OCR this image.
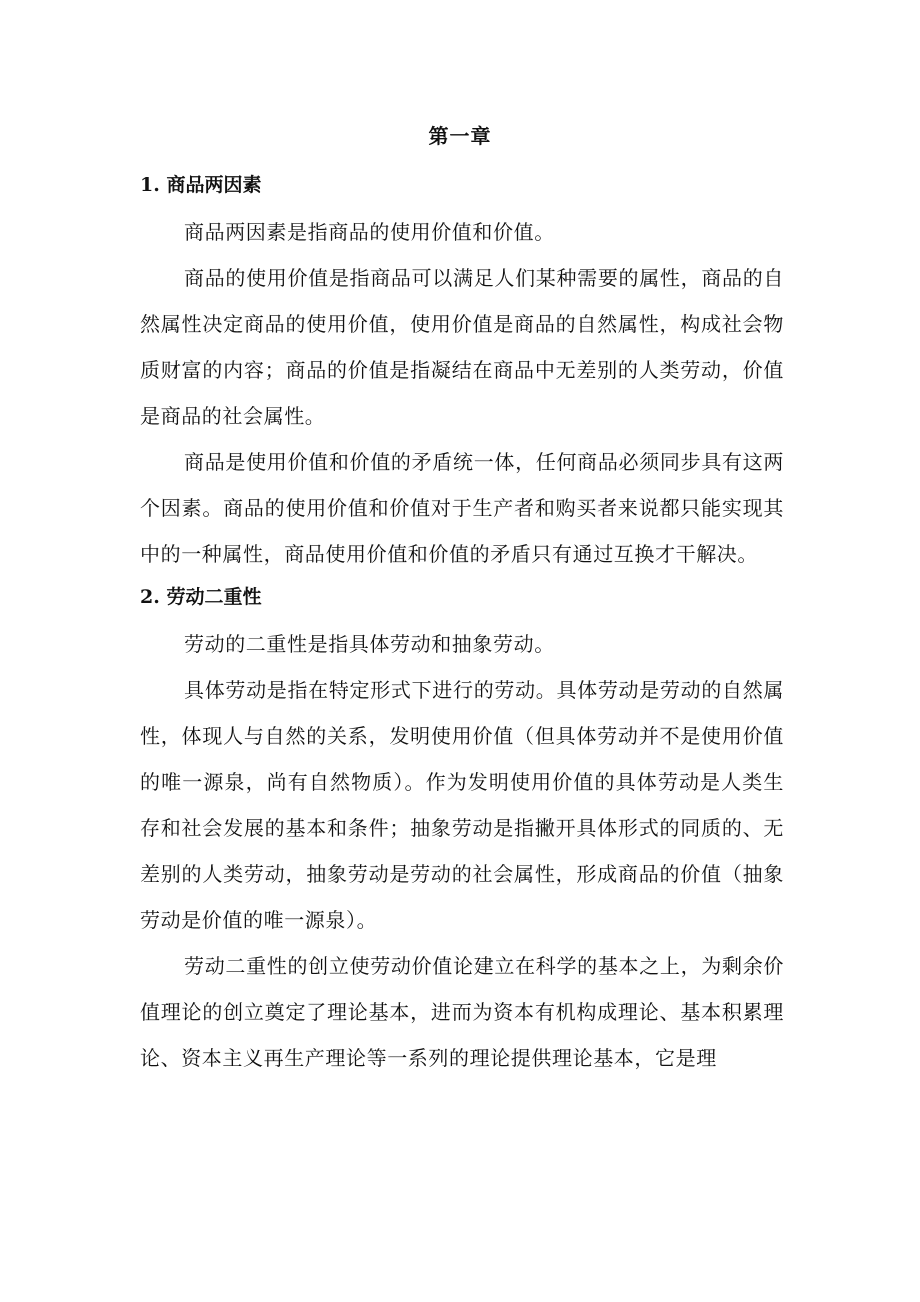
第一章
1. 商品两因素

商品两因素是指商品的使用价值和价值。

商品的使用价值是指商品可以满足人们某种需要的属性，商品的自然属性决定商品的使用价值，使用价值是商品的自然属性，构成社会物质财富的内容；商品的价值是指凝结在商品中无差别的人类劳动，价值是商品的社会属性。

商品是使用价值和价值的矛盾统一体，任何商品必须同步具有这两个因素。商品的使用价值和价值对于生产者和购买者来说都只能实现其中的一种属性，商品使用价值和价值的矛盾只有通过互换才干解决。

2. 劳动二重性

劳动的二重性是指具体劳动和抽象劳动。

具体劳动是指在特定形式下进行的劳动。具体劳动是劳动的自然属性，体现人与自然的关系，发明使用价值（但具体劳动并不是使用价值的唯一源泉，尚有自然物质）。作为发明使用价值的具体劳动是人类生存和社会发展的基本和条件；抽象劳动是指撇开具体形式的同质的、无差别的人类劳动，抽象劳动是劳动的社会属性，形成商品的价值（抽象劳动是价值的唯一源泉）。

劳动二重性的创立使劳动价值论建立在科学的基本之上，为剩余价值理论的创立奠定了理论基本，进而为资本有机构成理论、基本积累理论、资本主义再生产理论等一系列的理论提供理论基本，它是理
